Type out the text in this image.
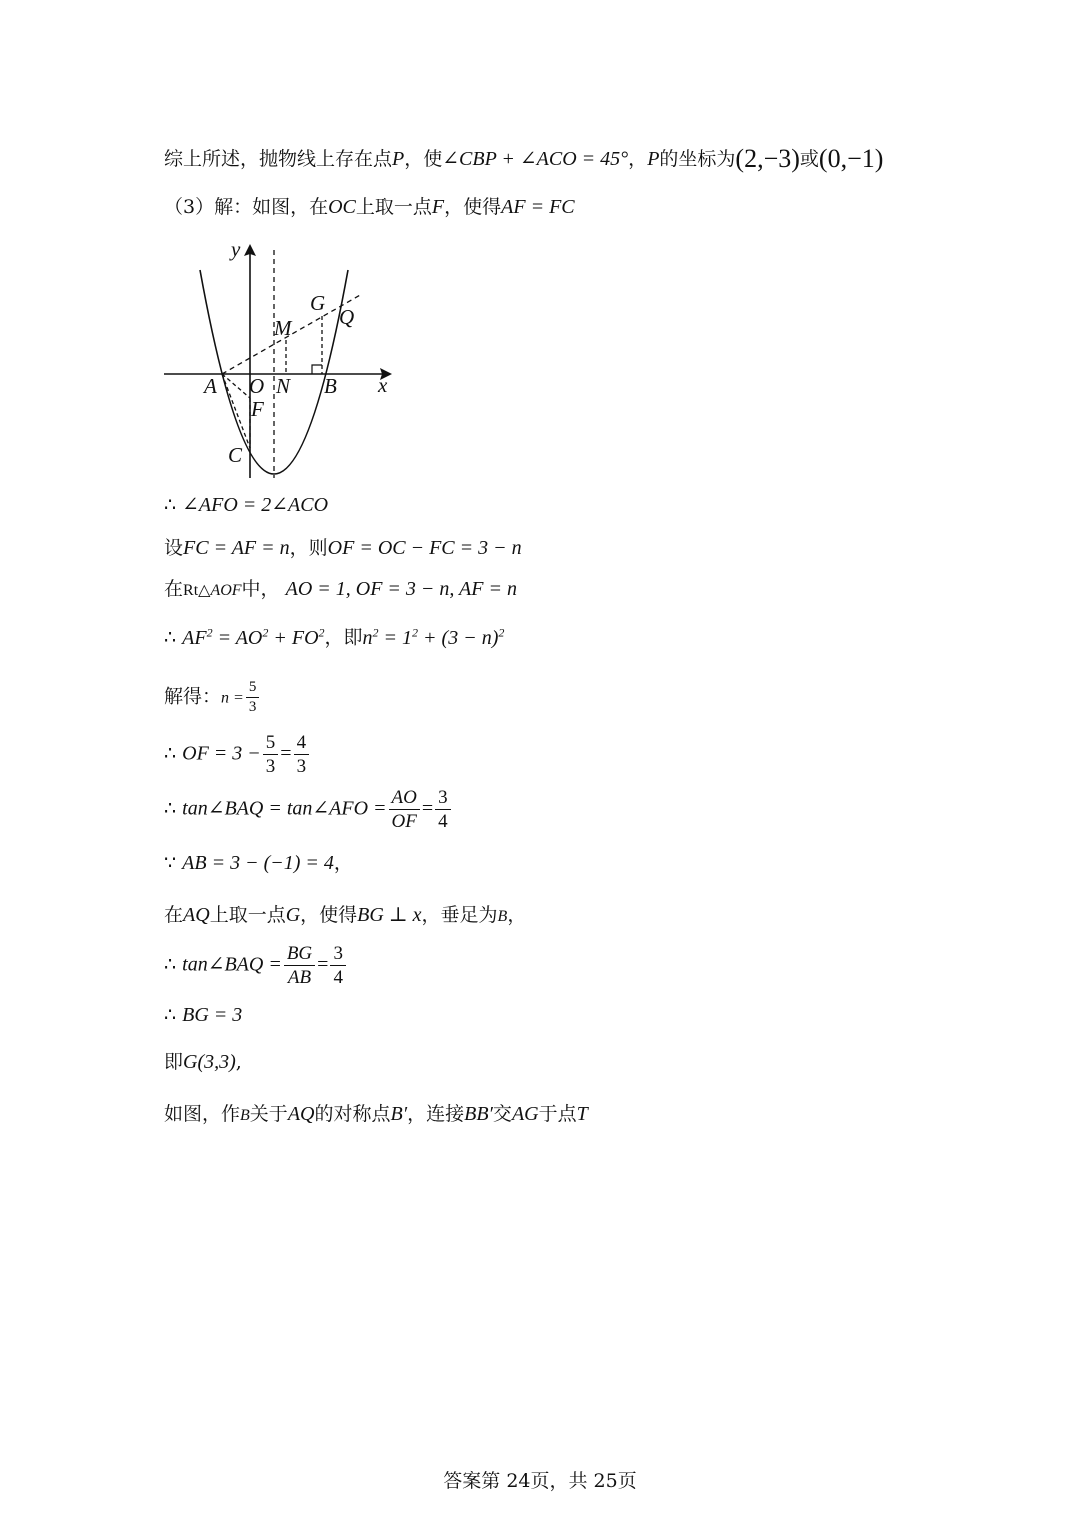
综上所述，抛物线上存在点P，使∠CBP + ∠ACO = 45°，P的坐标为(2,−3)或(0,−1)
（3）解：如图，在OC上取一点F，使得AF = FC
y
x
G
Q
M
A O N B
F
C
∴ ∠AFO = 2∠ACO
设FC = AF = n，则OF = OC − FC = 3 − n
在Rt△AOF中， AO = 1, OF = 3 − n, AF = n
∴ $AF^2 = AO^2 + FO^2$，即$n^2 = 1^2 + (3 - n)^2$
解得：$n = \frac{5}{3}$
∴ OF = $3 - \frac{5}{3} = \frac{4}{3}$
∴ tan∠BAQ = tan∠AFO = $\frac{AO}{OF} = \frac{3}{4}$
∵ AB = 3 − (−1) = 4，
在AQ上取一点G，使得BG ⊥ x，垂足为B，
∴ tan∠BAQ = $\frac{BG}{AB} = \frac{3}{4}$
∴ BG = 3
即G(3,3),
如图，作B关于AQ的对称点B′，连接BB′交AG于点T
答案第 24页，共 25页
